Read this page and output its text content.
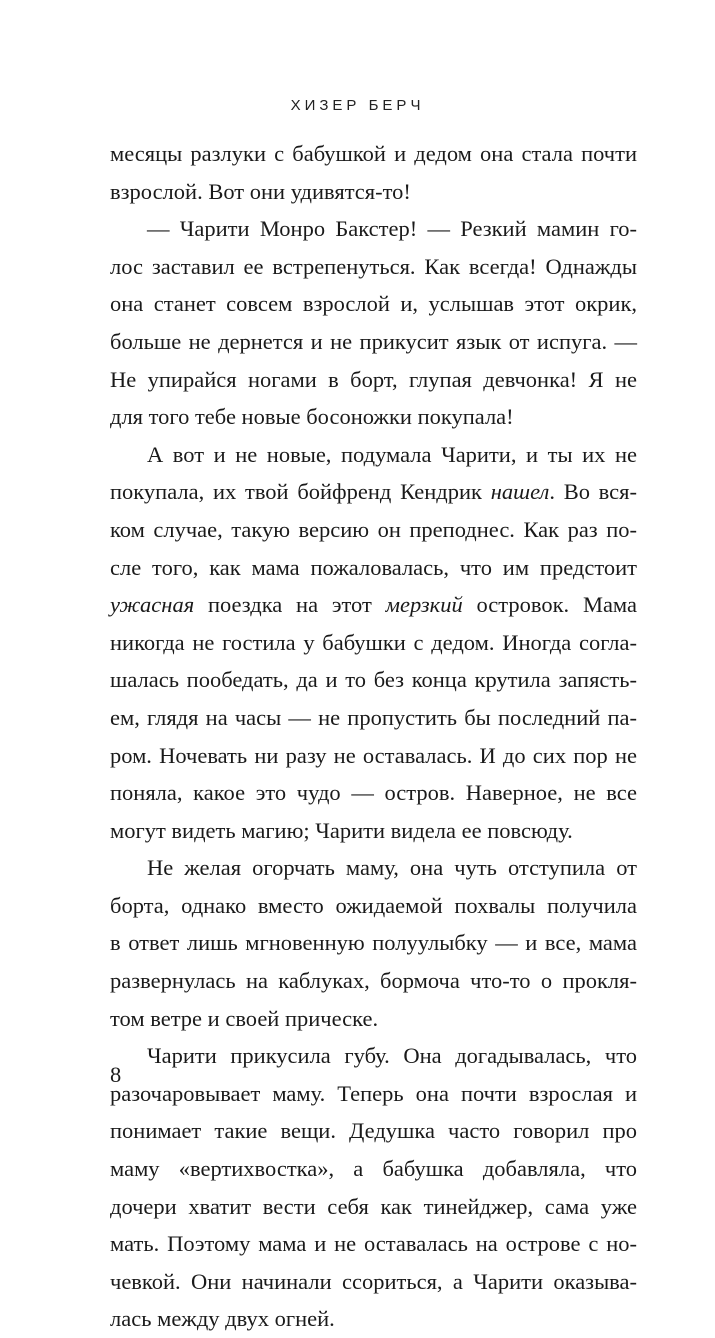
ХИЗЕР БЕРЧ
месяцы разлуки с бабушкой и дедом она стала почти
взрослой. Вот они удивятся-то!
— Чарити Монро Бакстер! — Резкий мамин го-
лос заставил ее встрепенуться. Как всегда! Однажды
она станет совсем взрослой и, услышав этот окрик,
больше не дернется и не прикусит язык от испуга. —
Не упирайся ногами в борт, глупая девчонка! Я не
для того тебе новые босоножки покупала!
А вот и не новые, подумала Чарити, и ты их не
покупала, их твой бойфренд Кендрик нашел. Во вся-
ком случае, такую версию он преподнес. Как раз по-
сле того, как мама пожаловалась, что им предстоит
ужасная поездка на этот мерзкий островок. Мама
никогда не гостила у бабушки с дедом. Иногда согла-
шалась пообедать, да и то без конца крутила запясть-
ем, глядя на часы — не пропустить бы последний па-
ром. Ночевать ни разу не оставалась. И до сих пор не
поняла, какое это чудо — остров. Наверное, не все
могут видеть магию; Чарити видела ее повсюду.
Не желая огорчать маму, она чуть отступила от
борта, однако вместо ожидаемой похвалы получила
в ответ лишь мгновенную полуулыбку — и все, мама
развернулась на каблуках, бормоча что-то о прокля-
том ветре и своей прическе.
Чарити прикусила губу. Она догадывалась, что
разочаровывает маму. Теперь она почти взрослая и
понимает такие вещи. Дедушка часто говорил про
маму «вертихвостка», а бабушка добавляла, что
дочери хватит вести себя как тинейджер, сама уже
мать. Поэтому мама и не оставалась на острове с но-
чевкой. Они начинали ссориться, а Чарити оказыва-
лась между двух огней.
8
